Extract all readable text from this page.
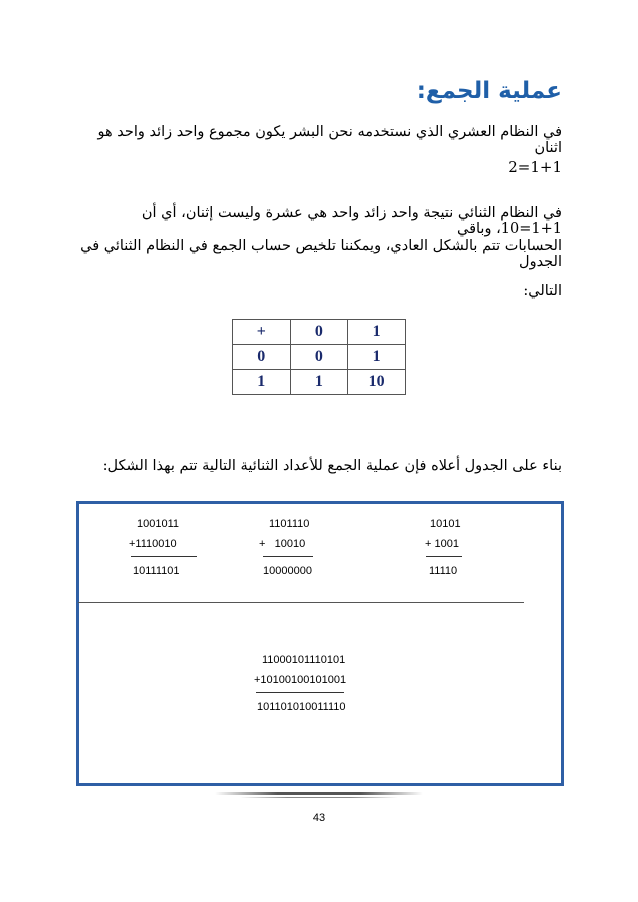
عملية الجمع:
في النظام العشري الذي نستخدمه نحن البشر يكون مجموع واحد زائد واحد هو اثنان
2=1+1
في النظام الثنائي نتيجة واحد زائد واحد هي عشرة وليست إثنان، أي أن 1+1=10، وباقي
الحسابات تتم بالشكل العادي، ويمكننا تلخيص حساب الجمع في النظام الثنائي في الجدول
التالي:
+	0	1
0	0	1
1	1	10
بناء على الجدول أعلاه فإن عملية الجمع للأعداد الثنائية التالية تتم بهذا الشكل:
1001011
+1110010
10111101
1101110
+   10010
10000000
10101
+ 1001
11110
11000101110101
+10100100101001
101101010011110
43
